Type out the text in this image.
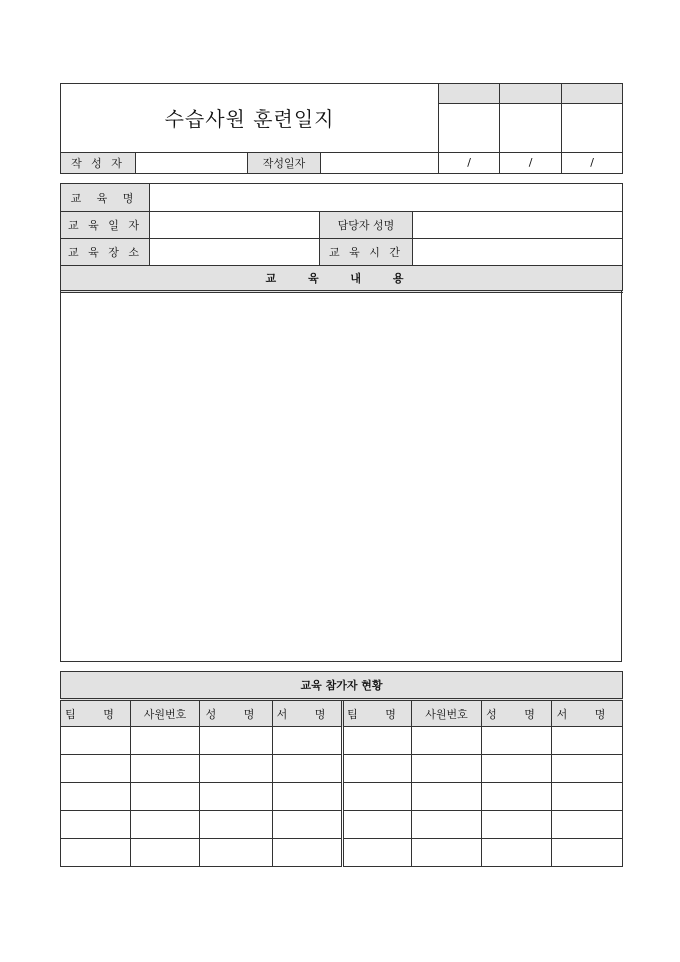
수습사원 훈련일지						

작 성 자		작성일자		/	/	/
교 육 명			
교 육 일 자		담당자 성명	
교 육 장 소		교 육 시 간	
교 육 내 용			
교육 참가자 현황							
팀 명	사원번호	성 명	서 명	팀 명	사원번호	성 명	서 명
